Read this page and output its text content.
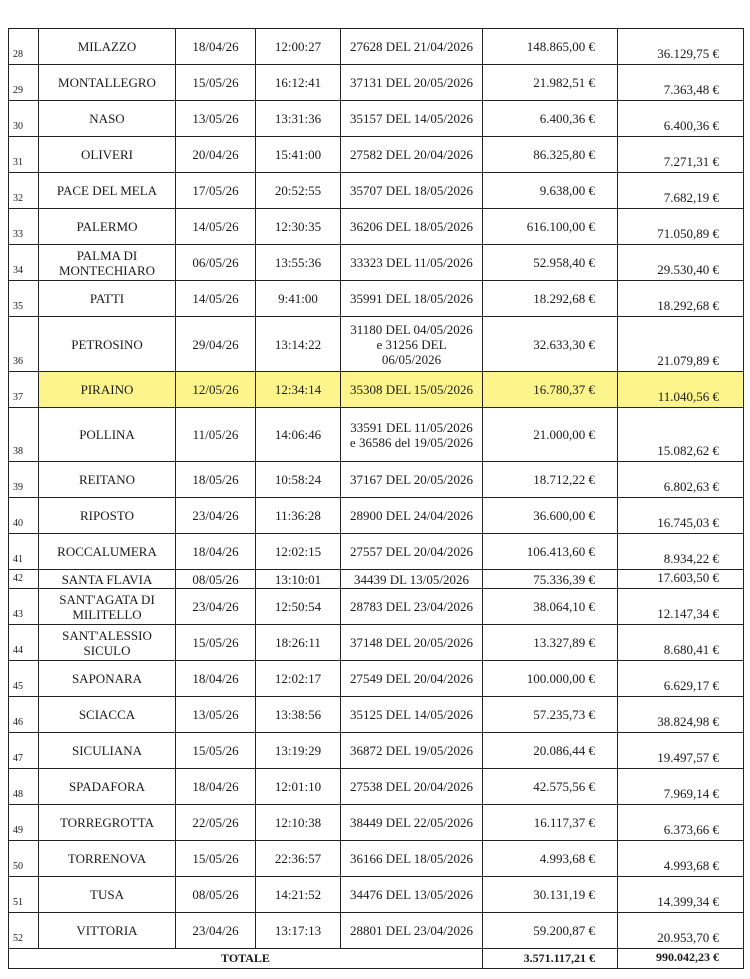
28	MILAZZO	18/04/26	12:00:27	27628 DEL 21/04/2026	148.865,00 €	36.129,75 €
29	MONTALLEGRO	15/05/26	16:12:41	37131 DEL 20/05/2026	21.982,51 €	7.363,48 €
30	NASO	13/05/26	13:31:36	35157 DEL 14/05/2026	6.400,36 €	6.400,36 €
31	OLIVERI	20/04/26	15:41:00	27582 DEL 20/04/2026	86.325,80 €	7.271,31 €
32	PACE DEL MELA	17/05/26	20:52:55	35707 DEL 18/05/2026	9.638,00 €	7.682,19 €
33	PALERMO	14/05/26	12:30:35	36206 DEL 18/05/2026	616.100,00 €	71.050,89 €
34	PALMA DI
MONTECHIARO	06/05/26	13:55:36	33323 DEL 11/05/2026	52.958,40 €	29.530,40 €
35	PATTI	14/05/26	9:41:00	35991 DEL 18/05/2026	18.292,68 €	18.292,68 €
36	PETROSINO	29/04/26	13:14:22	31180 DEL 04/05/2026
e 31256 DEL
06/05/2026	32.633,30 €	21.079,89 €
37	PIRAINO	12/05/26	12:34:14	35308 DEL 15/05/2026	16.780,37 €	11.040,56 €
38	POLLINA	11/05/26	14:06:46	33591 DEL 11/05/2026
e 36586 del 19/05/2026	21.000,00 €	15.082,62 €
39	REITANO	18/05/26	10:58:24	37167 DEL 20/05/2026	18.712,22 €	6.802,63 €
40	RIPOSTO	23/04/26	11:36:28	28900 DEL 24/04/2026	36.600,00 €	16.745,03 €
41	ROCCALUMERA	18/04/26	12:02:15	27557 DEL 20/04/2026	106.413,60 €	8.934,22 €
42	SANTA FLAVIA	08/05/26	13:10:01	34439 DL 13/05/2026	75.336,39 €	17.603,50 €
43	SANT'AGATA DI
MILITELLO	23/04/26	12:50:54	28783 DEL 23/04/2026	38.064,10 €	12.147,34 €
44	SANT'ALESSIO
SICULO	15/05/26	18:26:11	37148 DEL 20/05/2026	13.327,89 €	8.680,41 €
45	SAPONARA	18/04/26	12:02:17	27549 DEL 20/04/2026	100.000,00 €	6.629,17 €
46	SCIACCA	13/05/26	13:38:56	35125 DEL 14/05/2026	57.235,73 €	38.824,98 €
47	SICULIANA	15/05/26	13:19:29	36872 DEL 19/05/2026	20.086,44 €	19.497,57 €
48	SPADAFORA	18/04/26	12:01:10	27538 DEL 20/04/2026	42.575,56 €	7.969,14 €
49	TORREGROTTA	22/05/26	12:10:38	38449 DEL 22/05/2026	16.117,37 €	6.373,66 €
50	TORRENOVA	15/05/26	22:36:57	36166 DEL 18/05/2026	4.993,68 €	4.993,68 €
51	TUSA	08/05/26	14:21:52	34476 DEL 13/05/2026	30.131,19 €	14.399,34 €
52	VITTORIA	23/04/26	13:17:13	28801 DEL 23/04/2026	59.200,87 €	20.953,70 €
TOTALE					3.571.117,21 €	990.042,23 €
